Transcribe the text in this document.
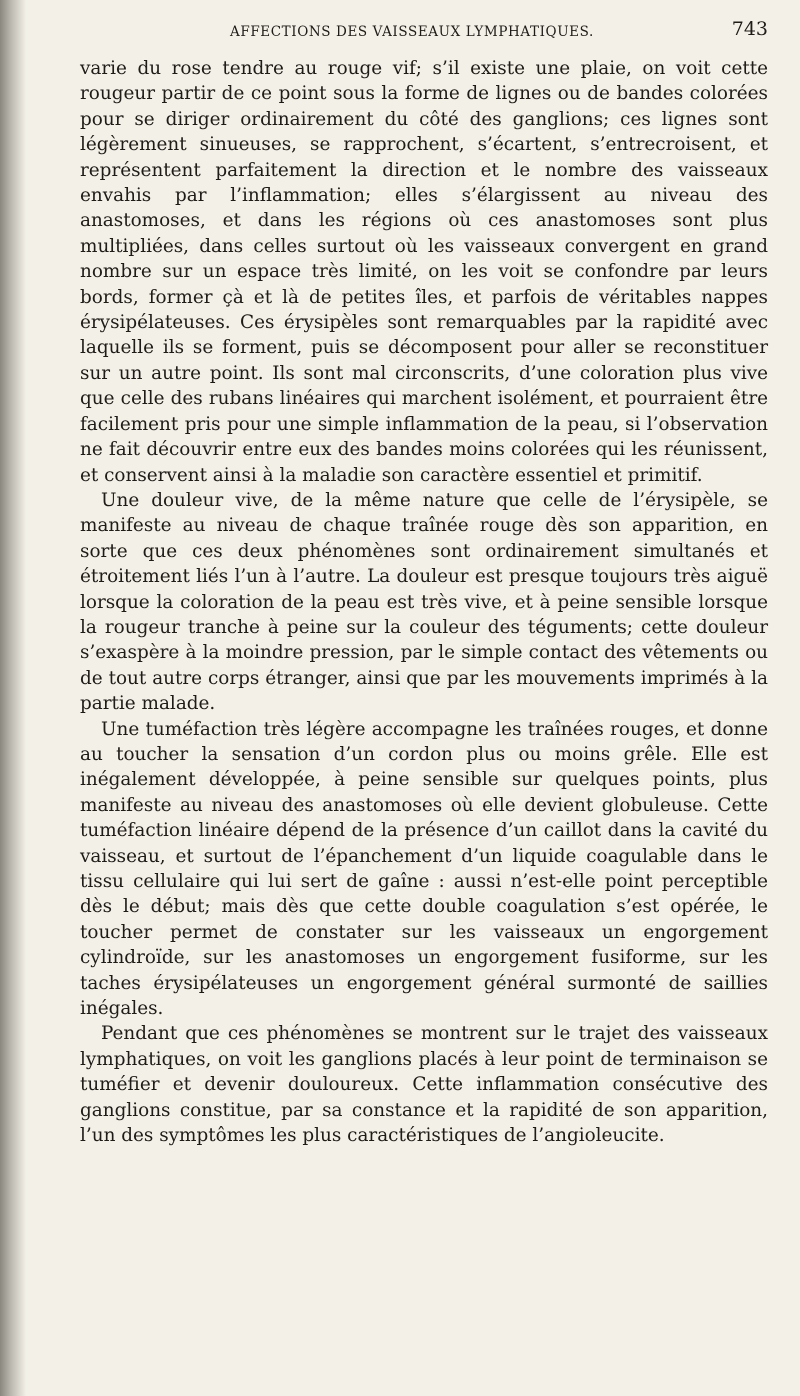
AFFECTIONS DES VAISSEAUX LYMPHATIQUES.	743

varie du rose tendre au rouge vif; s’il existe une plaie, on voit cette rougeur partir de ce point sous la forme de lignes ou de bandes colorées pour se diriger ordinairement du côté des ganglions; ces lignes sont légèrement sinueuses, se rapprochent, s’écartent, s’entrecroisent, et représentent parfaitement la direction et le nombre des vaisseaux envahis par l’inflammation; elles s’élargissent au niveau des anastomoses, et dans les régions où ces anastomoses sont plus multipliées, dans celles surtout où les vaisseaux convergent en grand nombre sur un espace très limité, on les voit se confondre par leurs bords, former çà et là de petites îles, et parfois de véritables nappes érysipélateuses. Ces érysipèles sont remarquables par la rapidité avec laquelle ils se forment, puis se décomposent pour aller se reconstituer sur un autre point. Ils sont mal circonscrits, d’une coloration plus vive que celle des rubans linéaires qui marchent isolément, et pourraient être facilement pris pour une simple inflammation de la peau, si l’observation ne fait découvrir entre eux des bandes moins colorées qui les réunissent, et conservent ainsi à la maladie son caractère essentiel et primitif.

Une douleur vive, de la même nature que celle de l’érysipèle, se manifeste au niveau de chaque traînée rouge dès son apparition, en sorte que ces deux phénomènes sont ordinairement simultanés et étroitement liés l’un à l’autre. La douleur est presque toujours très aiguë lorsque la coloration de la peau est très vive, et à peine sensible lorsque la rougeur tranche à peine sur la couleur des téguments; cette douleur s’exaspère à la moindre pression, par le simple contact des vêtements ou de tout autre corps étranger, ainsi que par les mouvements imprimés à la partie malade.

Une tuméfaction très légère accompagne les traînées rouges, et donne au toucher la sensation d’un cordon plus ou moins grêle. Elle est inégalement développée, à peine sensible sur quelques points, plus manifeste au niveau des anastomoses où elle devient globuleuse. Cette tuméfaction linéaire dépend de la présence d’un caillot dans la cavité du vaisseau, et surtout de l’épanchement d’un liquide coagulable dans le tissu cellulaire qui lui sert de gaîne : aussi n’est-elle point perceptible dès le début; mais dès que cette double coagulation s’est opérée, le toucher permet de constater sur les vaisseaux un engorgement cylindroïde, sur les anastomoses un engorgement fusiforme, sur les taches érysipélateuses un engorgement général surmonté de saillies inégales.

Pendant que ces phénomènes se montrent sur le trajet des vaisseaux lymphatiques, on voit les ganglions placés à leur point de terminaison se tuméfier et devenir douloureux. Cette inflammation consécutive des ganglions constitue, par sa constance et la rapidité de son apparition, l’un des symptômes les plus caractéristiques de l’angioleucite.
